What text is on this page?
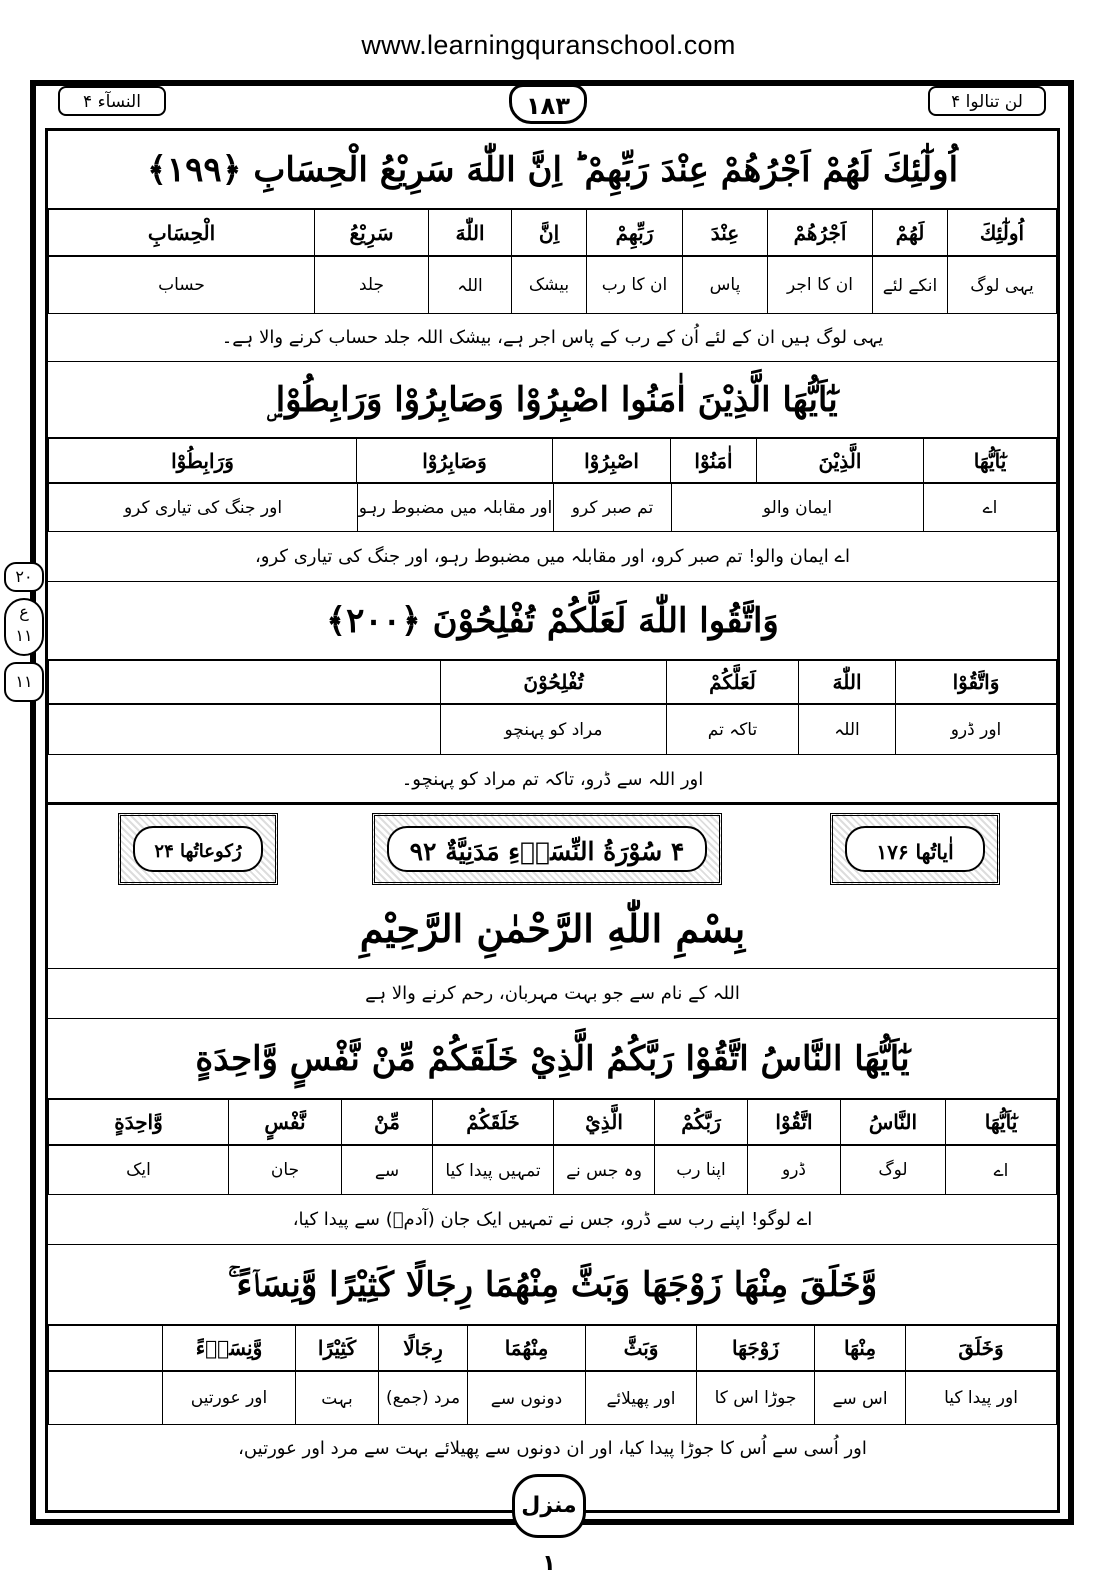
www.learningquranschool.com
النسآء ۴	۱۸۳	لن تنالوا ۴
۲۰
ع
۱۱
۱۱
اُولٰٓئِكَ لَهُمْ اَجْرُهُمْ عِنْدَ رَبِّهِمْ ؕ اِنَّ اللّٰهَ سَرِيْعُ الْحِسَابِ ﴿۱۹۹﴾
اُولٰٓئِكَ	لَهُمْ	اَجْرُهُمْ	عِنْدَ	رَبِّهِمْ	اِنَّ	اللّٰهَ	سَرِيْعُ	الْحِسَابِ
یہی لوگ	انکے لئے	ان کا اجر	پاس	ان کا رب	بیشک	اللہ	جلد	حساب
یہی لوگ ہیں ان کے لئے اُن کے رب کے پاس اجر ہے، بیشک اللہ جلد حساب کرنے والا ہے۔
يٰٓاَيُّهَا الَّذِيْنَ اٰمَنُوا اصْبِرُوْا وَصَابِرُوْا وَرَابِطُوْا ۣ
يٰٓاَيُّهَا	الَّذِيْنَ	اٰمَنُوْا	اصْبِرُوْا	وَصَابِرُوْا	وَرَابِطُوْا
اے	ایمان والو	تم صبر کرو	اور مقابلہ میں مضبوط رہو	اور جنگ کی تیاری کرو
اے ایمان والو! تم صبر کرو، اور مقابلہ میں مضبوط رہو، اور جنگ کی تیاری کرو،
وَاتَّقُوا اللّٰهَ لَعَلَّكُمْ تُفْلِحُوْنَ ﴿۲۰۰﴾
وَاتَّقُوْا	اللّٰهَ	لَعَلَّكُمْ	تُفْلِحُوْنَ	
اور ڈرو	اللہ	تاکہ تم	مراد کو پہنچو	
اور اللہ سے ڈرو، تاکہ تم مراد کو پہنچو۔
اٰیاتُھا ۱۷۶
۴ سُوْرَةُ النِّسَاۤءِ مَدَنِيَّةٌ ۹۲
رُکوعاتُھا ۲۴
بِسْمِ اللّٰهِ الرَّحْمٰنِ الرَّحِيْمِ
اللہ کے نام سے جو بہت مہربان، رحم کرنے والا ہے
يٰٓاَيُّهَا النَّاسُ اتَّقُوْا رَبَّكُمُ الَّذِيْ خَلَقَكُمْ مِّنْ نَّفْسٍ وَّاحِدَةٍ
يٰٓاَيُّهَا	النَّاسُ	اتَّقُوْا	رَبَّكُمْ	الَّذِيْ	خَلَقَكُمْ	مِّنْ	نَّفْسٍ	وَّاحِدَةٍ
اے	لوگ	ڈرو	اپنا رب	وہ جس نے	تمہیں پیدا کیا	سے	جان	ایک
اے لوگو! اپنے رب سے ڈرو، جس نے تمہیں ایک جان (آدمؑ) سے پیدا کیا،
وَّخَلَقَ مِنْهَا زَوْجَهَا وَبَثَّ مِنْهُمَا رِجَالًا كَثِيْرًا وَّنِسَاۤءً ۚ
وَخَلَقَ	مِنْهَا	زَوْجَهَا	وَبَثَّ	مِنْهُمَا	رِجَالًا	كَثِيْرًا	وَّنِسَاۤءً	
اور پیدا کیا	اس سے	جوڑا اس کا	اور پھیلائے	دونوں سے	مرد (جمع)	بہت	اور عورتیں	
اور اُسی سے اُس کا جوڑا پیدا کیا، اور ان دونوں سے پھیلائے بہت سے مرد اور عورتیں،
منزل ۱
